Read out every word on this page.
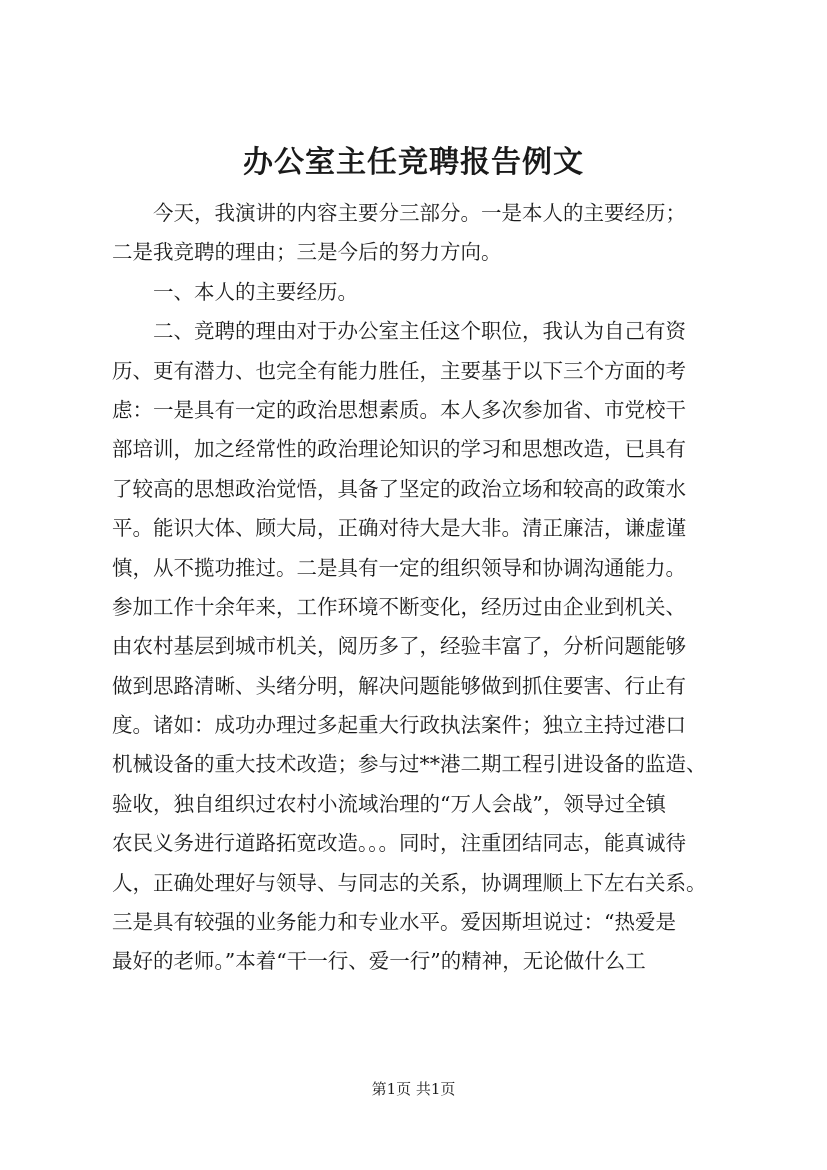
办公室主任竞聘报告例文
今天，我演讲的内容主要分三部分。一是本人的主要经历；
二是我竞聘的理由；三是今后的努力方向。
一、本人的主要经历。
二、竞聘的理由对于办公室主任这个职位，我认为自己有资
历、更有潜力、也完全有能力胜任，主要基于以下三个方面的考
虑：一是具有一定的政治思想素质。本人多次参加省、市党校干
部培训，加之经常性的政治理论知识的学习和思想改造，已具有
了较高的思想政治觉悟，具备了坚定的政治立场和较高的政策水
平。能识大体、顾大局，正确对待大是大非。清正廉洁，谦虚谨
慎，从不揽功推过。二是具有一定的组织领导和协调沟通能力。
参加工作十余年来，工作环境不断变化，经历过由企业到机关、
由农村基层到城市机关，阅历多了，经验丰富了，分析问题能够
做到思路清晰、头绪分明，解决问题能够做到抓住要害、行止有
度。诸如：成功办理过多起重大行政执法案件；独立主持过港口
机械设备的重大技术改造；参与过**港二期工程引进设备的监造、
验收，独自组织过农村小流域治理的“万人会战”，领导过全镇
农民义务进行道路拓宽改造。。。同时，注重团结同志，能真诚待
人，正确处理好与领导、与同志的关系，协调理顺上下左右关系。
三是具有较强的业务能力和专业水平。爱因斯坦说过：“热爱是
最好的老师。”本着“干一行、爱一行”的精神，无论做什么工
第1页 共1页
